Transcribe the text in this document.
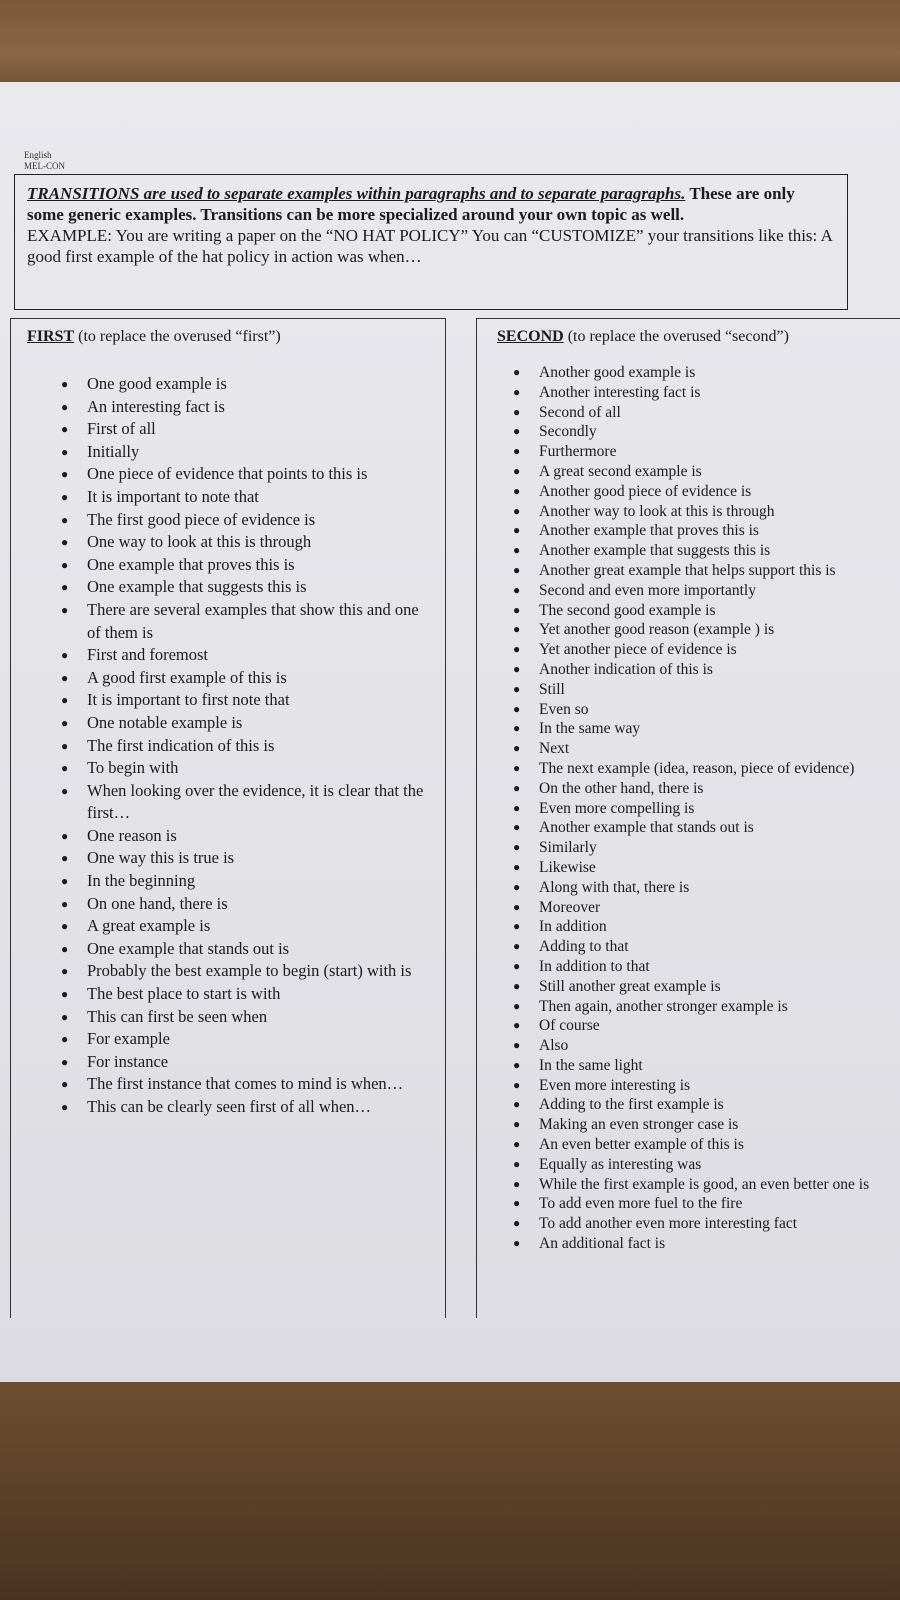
English
MEL-CON
TRANSITIONS are used to separate examples within paragraphs and to separate paragraphs. These are only some generic examples. Transitions can be more specialized around your own topic as well.
EXAMPLE: You are writing a paper on the “NO HAT POLICY” You can “CUSTOMIZE” your transitions like this: A good first example of the hat policy in action was when…
FIRST (to replace the overused “first”)
● One good example is
● An interesting fact is
● First of all
● Initially
● One piece of evidence that points to this is
● It is important to note that
● The first good piece of evidence is
● One way to look at this is through
● One example that proves this is
● One example that suggests this is
● There are several examples that show this and one of them is
● First and foremost
● A good first example of this is
● It is important to first note that
● One notable example is
● The first indication of this is
● To begin with
● When looking over the evidence, it is clear that the first…
● One reason is
● One way this is true is
● In the beginning
● On one hand, there is
● A great example is
● One example that stands out is
● Probably the best example to begin (start) with is
● The best place to start is with
● This can first be seen when
● For example
● For instance
● The first instance that comes to mind is when…
● This can be clearly seen first of all when…
SECOND (to replace the overused “second”)
● Another good example is
● Another interesting fact is
● Second of all
● Secondly
● Furthermore
● A great second example is
● Another good piece of evidence is
● Another way to look at this is through
● Another example that proves this is
● Another example that suggests this is
● Another great example that helps support this is
● Second and even more importantly
● The second good example is
● Yet another good reason (example ) is
● Yet another piece of evidence is
● Another indication of this is
● Still
● Even so
● In the same way
● Next
● The next example (idea, reason, piece of evidence)
● On the other hand, there is
● Even more compelling is
● Another example that stands out is
● Similarly
● Likewise
● Along with that, there is
● Moreover
● In addition
● Adding to that
● In addition to that
● Still another great example is
● Then again, another stronger example is
● Of course
● Also
● In the same light
● Even more interesting is
● Adding to the first example is
● Making an even stronger case is
● An even better example of this is
● Equally as interesting was
● While the first example is good, an even better one is
● To add even more fuel to the fire
● To add another even more interesting fact
● An additional fact is
